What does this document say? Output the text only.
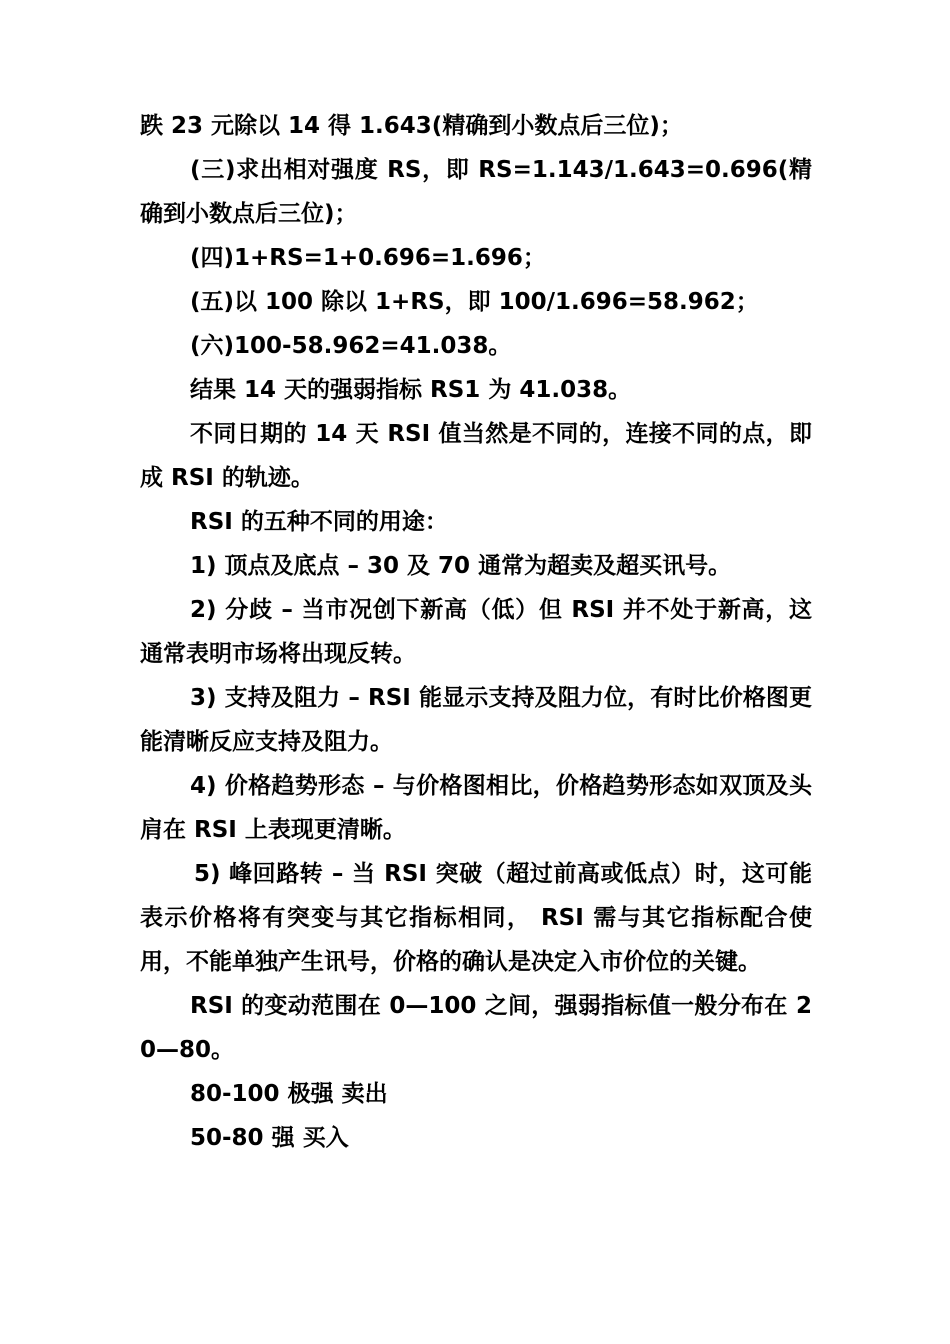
跌 23 元除以 14 得 1.643(精确到小数点后三位)；

(三)求出相对强度 RS，即 RS=1.143/1.643=0.696(精确到小数点后三位)；

(四)1+RS=1+0.696=1.696；

(五)以 100 除以 1+RS，即 100/1.696=58.962；

(六)100-58.962=41.038。

结果 14 天的强弱指标 RS1 为 41.038。

不同日期的 14 天 RSI 值当然是不同的，连接不同的点，即成 RSI 的轨迹。

RSI 的五种不同的用途：

1) 顶点及底点 – 30 及 70 通常为超卖及超买讯号。

2) 分歧 – 当市况创下新高（低）但 RSI 并不处于新高，这通常表明市场将出现反转。

3) 支持及阻力 – RSI 能显示支持及阻力位，有时比价格图更能清晰反应支持及阻力。

4) 价格趋势形态 – 与价格图相比，价格趋势形态如双顶及头肩在 RSI 上表现更清晰。

5) 峰回路转 – 当 RSI 突破（超过前高或低点）时，这可能表示价格将有突变与其它指标相同， RSI 需与其它指标配合使用，不能单独产生讯号，价格的确认是决定入市价位的关键。

RSI 的变动范围在 0—100 之间，强弱指标值一般分布在 20—80。

80-100 极强 卖出

50-80 强 买入
